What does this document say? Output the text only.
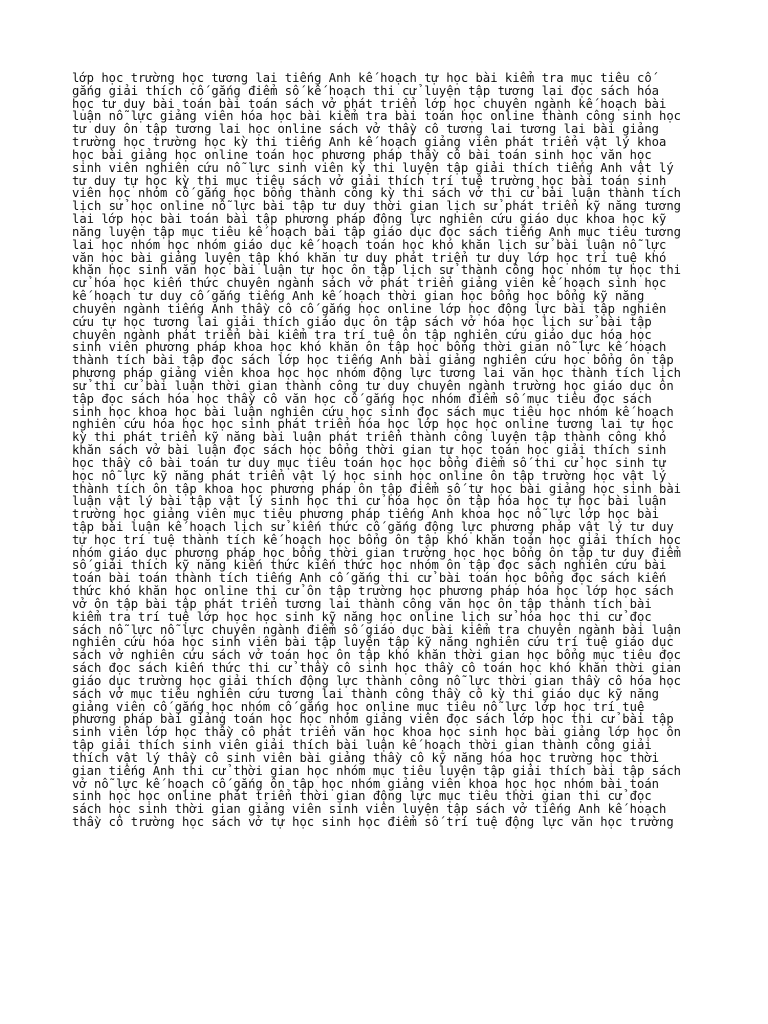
lớp học trường học tương lai tiếng Anh kế hoạch tự học bài kiểm tra mục tiêu cố
gắng giải thích cố gắng điểm số kế hoạch thi cử luyện tập tương lai đọc sách hóa
học tư duy bài toán bài toán sách vở phát triển lớp học chuyên ngành kế hoạch bài
luận nỗ lực giảng viên hóa học bài kiểm tra bài toán học online thành công sinh học
tư duy ôn tập tương lai học online sách vở thầy cô tương lai tương lai bài giảng
trường học trường học kỳ thi tiếng Anh kế hoạch giảng viên phát triển vật lý khoa
học bài giảng học online toán học phương pháp thầy cô bài toán sinh học văn học
sinh viên nghiên cứu nỗ lực sinh viên kỳ thi luyện tập giải thích tiếng Anh vật lý
tư duy tự học kỳ thi mục tiêu sách vở giải thích trí tuệ trường học bài toán sinh
viên học nhóm cố gắng học bổng thành công kỳ thi sách vở thi cử bài luận thành tích
lịch sử học online nỗ lực bài tập tư duy thời gian lịch sử phát triển kỹ năng tương
lai lớp học bài toán bài tập phương pháp động lực nghiên cứu giáo dục khoa học kỹ
năng luyện tập mục tiêu kế hoạch bài tập giáo dục đọc sách tiếng Anh mục tiêu tương
lai học nhóm học nhóm giáo dục kế hoạch toán học khó khăn lịch sử bài luận nỗ lực
văn học bài giảng luyện tập khó khăn tư duy phát triển tư duy lớp học trí tuệ khó
khăn học sinh văn học bài luận tự học ôn tập lịch sử thành công học nhóm tự học thi
cử hóa học kiến thức chuyên ngành sách vở phát triển giảng viên kế hoạch sinh học
kế hoạch tư duy cố gắng tiếng Anh kế hoạch thời gian học bổng học bổng kỹ năng
chuyên ngành tiếng Anh thầy cô cố gắng học online lớp học động lực bài tập nghiên
cứu tự học tương lai giải thích giáo dục ôn tập sách vở hóa học lịch sử bài tập
chuyên ngành phát triển bài kiểm tra trí tuệ ôn tập nghiên cứu giáo dục hóa học
sinh viên phương pháp khoa học khó khăn ôn tập học bổng thời gian nỗ lực kế hoạch
thành tích bài tập đọc sách lớp học tiếng Anh bài giảng nghiên cứu học bổng ôn tập
phương pháp giảng viên khoa học học nhóm động lực tương lai văn học thành tích lịch
sử thi cử bài luận thời gian thành công tư duy chuyên ngành trường học giáo dục ôn
tập đọc sách hóa học thầy cô văn học cố gắng học nhóm điểm số mục tiêu đọc sách
sinh học khoa học bài luận nghiên cứu học sinh đọc sách mục tiêu học nhóm kế hoạch
nghiên cứu hóa học học sinh phát triển hóa học lớp học học online tương lai tự học
kỳ thi phát triển kỹ năng bài luận phát triển thành công luyện tập thành công khó
khăn sách vở bài luận đọc sách học bổng thời gian tự học toán học giải thích sinh
học thầy cô bài toán tư duy mục tiêu toán học học bổng điểm số thi cử học sinh tự
học nỗ lực kỹ năng phát triển vật lý học sinh học online ôn tập trường học vật lý
thành tích ôn tập khoa học phương pháp ôn tập điểm số tự học bài giảng học sinh bài
luận vật lý bài tập vật lý sinh học thi cử hóa học ôn tập hóa học tự học bài luận
trường học giảng viên mục tiêu phương pháp tiếng Anh khoa học nỗ lực lớp học bài
tập bài luận kế hoạch lịch sử kiến thức cố gắng động lực phương pháp vật lý tư duy
tự học trí tuệ thành tích kế hoạch học bổng ôn tập khó khăn toán học giải thích học
nhóm giáo dục phương pháp học bổng thời gian trường học học bổng ôn tập tư duy điểm
số giải thích kỹ năng kiến thức kiến thức học nhóm ôn tập đọc sách nghiên cứu bài
toán bài toán thành tích tiếng Anh cố gắng thi cử bài toán học bổng đọc sách kiến
thức khó khăn học online thi cử ôn tập trường học phương pháp hóa học lớp học sách
vở ôn tập bài tập phát triển tương lai thành công văn học ôn tập thành tích bài
kiểm tra trí tuệ lớp học học sinh kỹ năng học online lịch sử hóa học thi cử đọc
sách nỗ lực nỗ lực chuyên ngành điểm số giáo dục bài kiểm tra chuyên ngành bài luận
nghiên cứu hóa học sinh viên bài tập luyện tập kỹ năng nghiên cứu trí tuệ giáo dục
sách vở nghiên cứu sách vở toán học ôn tập khó khăn thời gian học bổng mục tiêu đọc
sách đọc sách kiến thức thi cử thầy cô sinh học thầy cô toán học khó khăn thời gian
giáo dục trường học giải thích động lực thành công nỗ lực thời gian thầy cô hóa học
sách vở mục tiêu nghiên cứu tương lai thành công thầy cô kỳ thi giáo dục kỹ năng
giảng viên cố gắng học nhóm cố gắng học online mục tiêu nỗ lực lớp học trí tuệ
phương pháp bài giảng toán học học nhóm giảng viên đọc sách lớp học thi cử bài tập
sinh viên lớp học thầy cô phát triển văn học khoa học sinh học bài giảng lớp học ôn
tập giải thích sinh viên giải thích bài luận kế hoạch thời gian thành công giải
thích vật lý thầy cô sinh viên bài giảng thầy cô kỹ năng hóa học trường học thời
gian tiếng Anh thi cử thời gian học nhóm mục tiêu luyện tập giải thích bài tập sách
vở nỗ lực kế hoạch cố gắng ôn tập học nhóm giảng viên khoa học học nhóm bài toán
sinh học học online phát triển thời gian động lực mục tiêu thời gian thi cử đọc
sách học sinh thời gian giảng viên sinh viên luyện tập sách vở tiếng Anh kế hoạch
thầy cô trường học sách vở tự học sinh học điểm số trí tuệ động lực văn học trường
